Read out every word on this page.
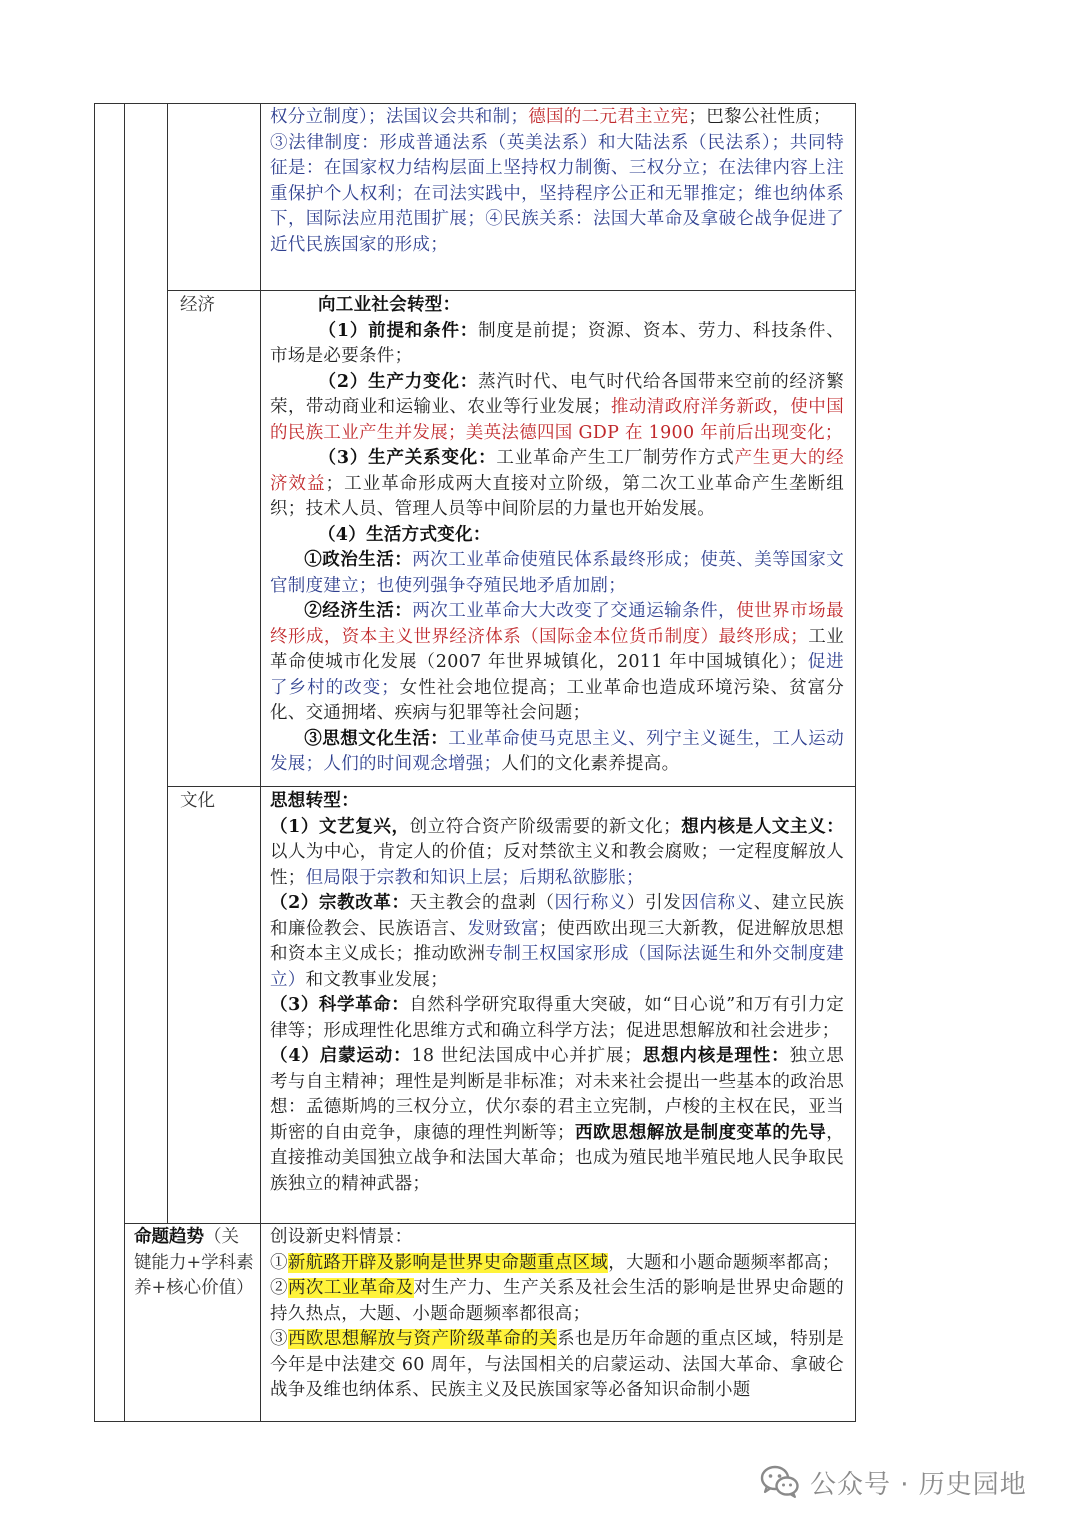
经济
文化
命题趋势（关键能力+学科素养+核心价值）
权分立制度）；法国议会共和制；德国的二元君主立宪；巴黎公社性质；
③法律制度：形成普通法系（英美法系）和大陆法系（民法系）；共同特征是：在国家权力结构层面上坚持权力制衡、三权分立；在法律内容上注重保护个人权利；在司法实践中，坚持程序公正和无罪推定；维也纳体系下，国际法应用范围扩展；④民族关系：法国大革命及拿破仑战争促进了近代民族国家的形成；
向工业社会转型：
（1）前提和条件：制度是前提；资源、资本、劳力、科技条件、市场是必要条件；
（2）生产力变化：蒸汽时代、电气时代给各国带来空前的经济繁荣，带动商业和运输业、农业等行业发展；推动清政府洋务新政，使中国的民族工业产生并发展；美英法德四国 GDP 在 1900 年前后出现变化；
（3）生产关系变化：工业革命产生工厂制劳作方式产生更大的经济效益；工业革命形成两大直接对立阶级，第二次工业革命产生垄断组织；技术人员、管理人员等中间阶层的力量也开始发展。
（4）生活方式变化：
①政治生活：两次工业革命使殖民体系最终形成；使英、美等国家文官制度建立；也使列强争夺殖民地矛盾加剧；
②经济生活：两次工业革命大大改变了交通运输条件，使世界市场最终形成，资本主义世界经济体系（国际金本位货币制度）最终形成；工业革命使城市化发展（2007 年世界城镇化，2011 年中国城镇化）；促进了乡村的改变；女性社会地位提高；工业革命也造成环境污染、贫富分化、交通拥堵、疾病与犯罪等社会问题；
③思想文化生活：工业革命使马克思主义、列宁主义诞生，工人运动发展；人们的时间观念增强；人们的文化素养提高。
思想转型：
（1）文艺复兴，创立符合资产阶级需要的新文化；想内核是人文主义：以人为中心，肯定人的价值；反对禁欲主义和教会腐败；一定程度解放人性；但局限于宗教和知识上层；后期私欲膨胀；
（2）宗教改革：天主教会的盘剥（因行称义）引发因信称义、建立民族和廉俭教会、民族语言、发财致富；使西欧出现三大新教，促进解放思想和资本主义成长；推动欧洲专制王权国家形成（国际法诞生和外交制度建立）和文教事业发展；
（3）科学革命：自然科学研究取得重大突破，如“日心说”和万有引力定律等；形成理性化思维方式和确立科学方法；促进思想解放和社会进步；
（4）启蒙运动：18 世纪法国成中心并扩展；思想内核是理性：独立思考与自主精神；理性是判断是非标准；对未来社会提出一些基本的政治思想：孟德斯鸠的三权分立，伏尔泰的君主立宪制，卢梭的主权在民，亚当斯密的自由竞争，康德的理性判断等；西欧思想解放是制度变革的先导，直接推动美国独立战争和法国大革命；也成为殖民地半殖民地人民争取民族独立的精神武器；
创设新史料情景：
①新航路开辟及影响是世界史命题重点区域，大题和小题命题频率都高；
②两次工业革命及对生产力、生产关系及社会生活的影响是世界史命题的持久热点，大题、小题命题频率都很高；
③西欧思想解放与资产阶级革命的关系也是历年命题的重点区域，特别是今年是中法建交 60 周年，与法国相关的启蒙运动、法国大革命、拿破仑战争及维也纳体系、民族主义及民族国家等必备知识命制小题
公众号 · 历史园地
